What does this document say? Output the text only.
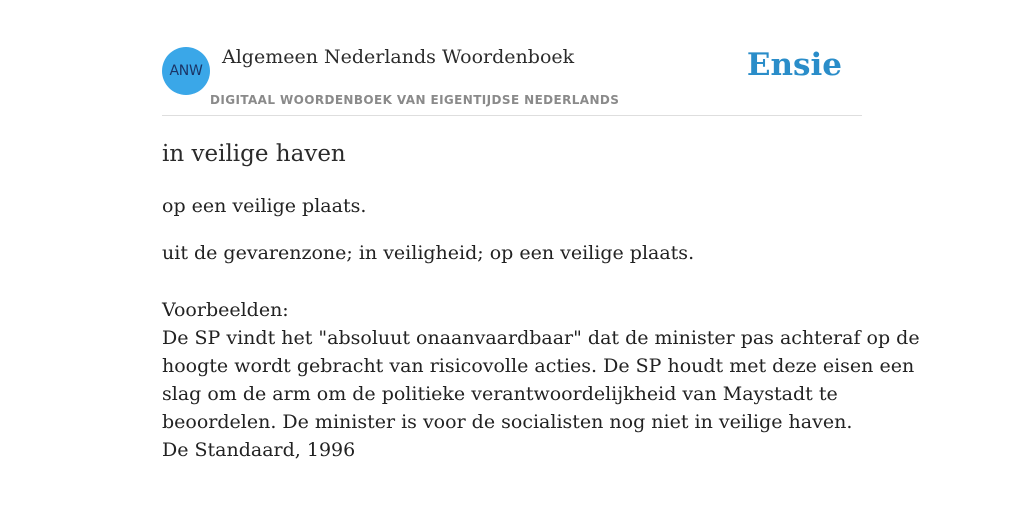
ANW
Algemeen Nederlands Woordenboek
DIGITAAL WOORDENBOEK VAN EIGENTIJDSE NEDERLANDS
Ensie
in veilige haven
op een veilige plaats.
uit de gevarenzone; in veiligheid; op een veilige plaats.
Voorbeelden:
De SP vindt het "absoluut onaanvaardbaar" dat de minister pas achteraf op de
hoogte wordt gebracht van risicovolle acties. De SP houdt met deze eisen een
slag om de arm om de politieke verantwoordelijkheid van Maystadt te
beoordelen. De minister is voor de socialisten nog niet in veilige haven.
De Standaard, 1996
